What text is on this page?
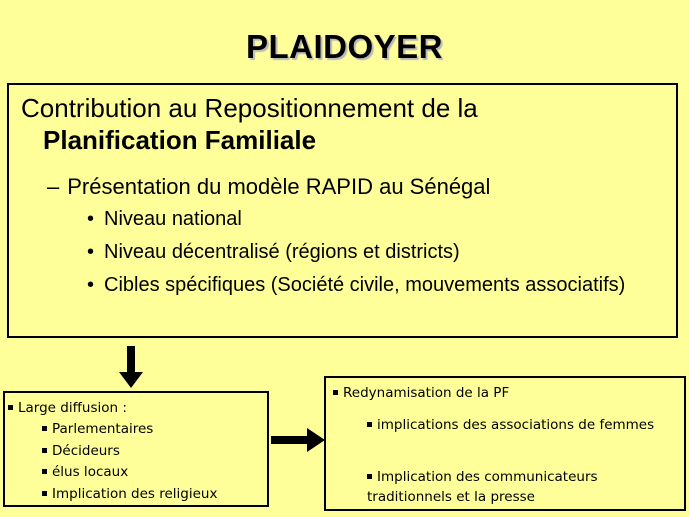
PLAIDOYER
Contribution au Repositionnement de la
Planification Familiale
– Présentation du modèle RAPID au Sénégal
• Niveau national
• Niveau décentralisé (régions et districts)
• Cibles spécifiques (Société civile, mouvements associatifs)
Large diffusion :
Parlementaires
Décideurs
élus locaux
Implication des religieux
Redynamisation de la PF
implications des associations de femmes
Implication des communicateurs traditionnels et la presse
